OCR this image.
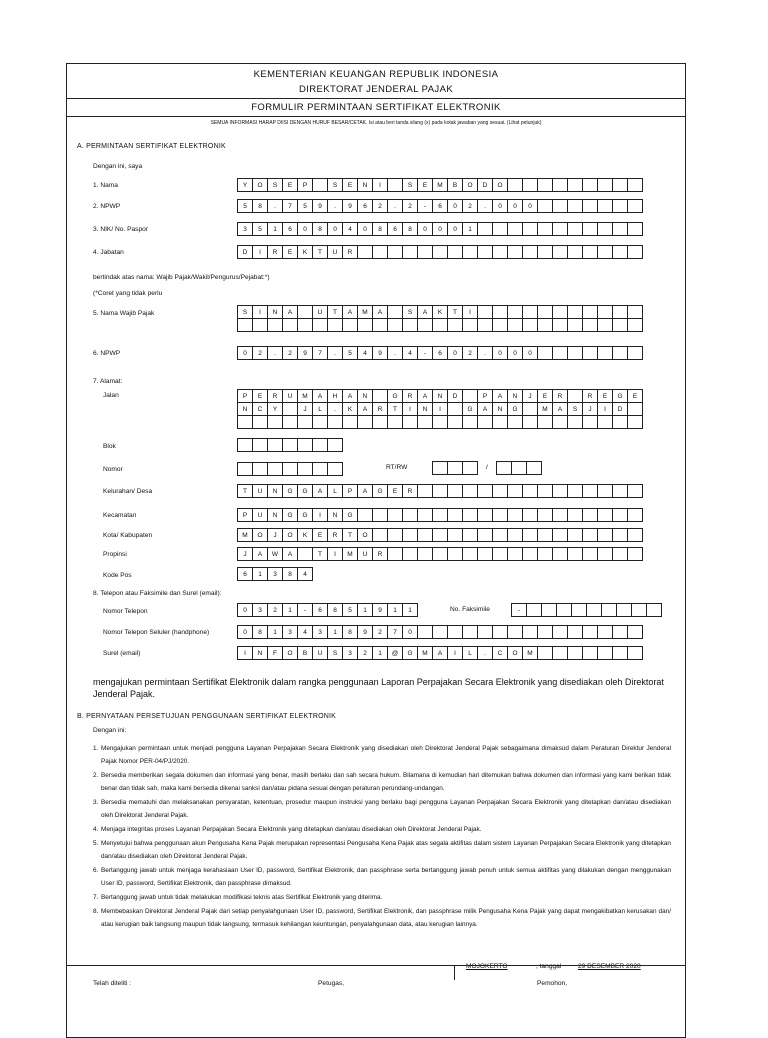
KEMENTERIAN KEUANGAN REPUBLIK INDONESIA
DIREKTORAT JENDERAL PAJAK
FORMULIR PERMINTAAN SERTIFIKAT ELEKTRONIK
SEMUA INFORMASI HARAP DIISI DENGAN HURUF BESAR/CETAK. Isi atau beri tanda silang (x) pada kotak jawaban yang sesuai. (Lihat petunjuk)
A. PERMINTAAN SERTIFIKAT ELEKTRONIK
Dengan ini, saya
1. Nama	Y	O	S	E	P	S	E	N	I	S	E	M	B	O	D	O
2. NPWP	5	8	.	7	5	9	.	9	6	2	.	2	-	6	0	2	.	0	0	0
3. NIK/ No. Paspor	3	5	1	6	0	8	0	4	0	8	6	8	0	0	0	1
4. Jabatan	D	I	R	E	K	T	U	R
bertindak atas nama: Wajib Pajak/Wakil/Pengurus/Pejabat:*)
(*Coret yang tidak perlu
5. Nama Wajib Pajak	S	I	N	A	U	T	A	M	A	S	A	K	T	I
6. NPWP	0	2	.	2	9	7	.	5	4	9	.	4	-	6	0	2	.	0	0	0
7. Alamat:
Jalan	P	E	R	U	M	A	H	A	N	G	R	A	N	D	P	A	N	J	E	R	R	E	G	E
N	C	Y	J	L	.	K	A	R	T	I	N	I	G	A	N	G	M	A	S	J	I	D
Blok
Nomor	RT/RW	/
Kelurahan/ Desa	T	U	N	G	G	A	L	P	A	G	E	R
Kecamatan	P	U	N	G	G	I	N	G
Kota/ Kabupaten	M	O	J	O	K	E	R	T	O
Propinsi	J	A	W	A	T	I	M	U	R
Kode Pos	6	1	3	8	4
8. Telepon atau Faksimile dan Surel (email):
Nomor Telepon	0	3	2	1	-	6	8	5	1	9	1	1	No. Faksimile	-
Nomor Telepon Seluler (handphone)	0	8	1	3	4	3	1	8	9	2	7	0
Surel (email)	I	N	F	O	B	U	S	3	2	1	@	G	M	A	I	L	.	C	O	M
mengajukan permintaan Sertifikat Elektronik dalam rangka penggunaan Laporan Perpajakan Secara Elektronik yang disediakan oleh Direktorat Jenderal Pajak.
B. PERNYATAAN PERSETUJUAN PENGGUNAAN SERTIFIKAT ELEKTRONIK
Dengan ini:
1. Mengajukan permintaan untuk menjadi pengguna Layanan Perpajakan Secara Elektronik yang disediakan oleh Direktorat Jenderal Pajak sebagaimana dimaksud dalam Peraturan Direktur Jenderal Pajak Nomor PER-04/PJ/2020.
2. Bersedia memberikan segala dokumen dan informasi yang benar, masih berlaku dan sah secara hukum. Bilamana di kemudian hari ditemukan bahwa dokumen dan informasi yang kami berikan tidak benar dan tidak sah, maka kami bersedia dikenai sanksi dan/atau pidana sesuai dengan peraturan perundang-undangan.
3. Bersedia mematuhi dan melaksanakan persyaratan, ketentuan, prosedur maupun instruksi yang berlaku bagi pengguna Layanan Perpajakan Secara Elektronik yang ditetapkan dan/atau disediakan oleh Direktorat Jenderal Pajak.
4. Menjaga integritas proses Layanan Perpajakan Secara Elektronik yang ditetapkan dan/atau disediakan oleh Direktorat Jenderal Pajak.
5. Menyetujui bahwa penggunaan akun Pengusaha Kena Pajak merupakan representasi Pengusaha Kena Pajak atas segala aktifitas dalam sistem Layanan Perpajakan Secara Elektronik yang ditetapkan dan/atau disediakan oleh Direktorat Jenderal Pajak.
6. Bertanggung jawab untuk menjaga kerahasiaan User ID, password, Sertifikat Elektronik, dan passphrase serta bertanggung jawab penuh untuk semua aktifitas yang dilakukan dengan menggunakan User ID, password, Sertifikat Elektronik, dan passphrase dimaksud.
7. Bertanggung jawab untuk tidak melakukan modifikasi teknis atas Sertifikat Elektronik yang diterima.
8. Membebaskan Direktorat Jenderal Pajak dari setiap penyalahgunaan User ID, password, Sertifikat Elektronik, dan passphrase milik Pengusaha Kena Pajak yang dapat mengakibatkan kerusakan dan/ atau kerugian baik langsung maupun tidak langsung, termasuk kehilangan keuntungan, penyalahgunaan data, atau kerugian lainnya.
MOJOKERTO	, tanggal	29 DESEMBER 2020
Telah diteliti :	Petugas,	Pemohon,
